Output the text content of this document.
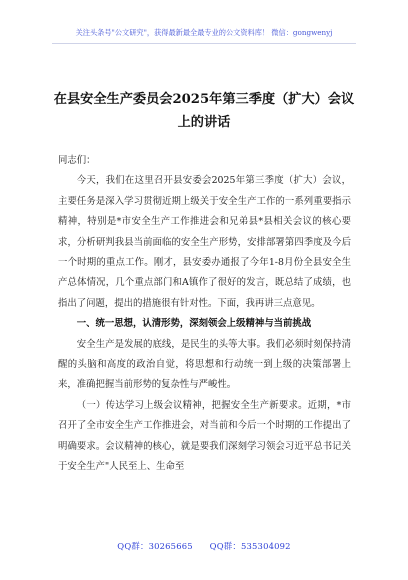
关注头条号"公文研究"，获得最新最全最专业的公文资料库！ 微信：gongwenyj
在县安全生产委员会2025年第三季度（扩大）会议上的讲话

同志们：

今天，我们在这里召开县安委会2025年第三季度（扩大）会议，主要任务是深入学习贯彻近期上级关于安全生产工作的一系列重要指示精神，特别是*市安全生产工作推进会和兄弟县*县相关会议的核心要求，分析研判我县当前面临的安全生产形势，安排部署第四季度及今后一个时期的重点工作。刚才，县安委办通报了今年1-8月份全县安全生产总体情况，几个重点部门和A镇作了很好的发言，既总结了成绩，也指出了问题，提出的措施很有针对性。下面，我再讲三点意见。

一、统一思想，认清形势，深刻领会上级精神与当前挑战

安全生产是发展的底线，是民生的头等大事。我们必须时刻保持清醒的头脑和高度的政治自觉，将思想和行动统一到上级的决策部署上来，准确把握当前形势的复杂性与严峻性。

（一）传达学习上级会议精神，把握安全生产新要求。近期，*市召开了全市安全生产工作推进会，对当前和今后一个时期的工作提出了明确要求。会议精神的核心，就是要我们深刻学习领会习近平总书记关于安全生产"人民至上、生命至

QQ群：30265665 QQ群：535304092
